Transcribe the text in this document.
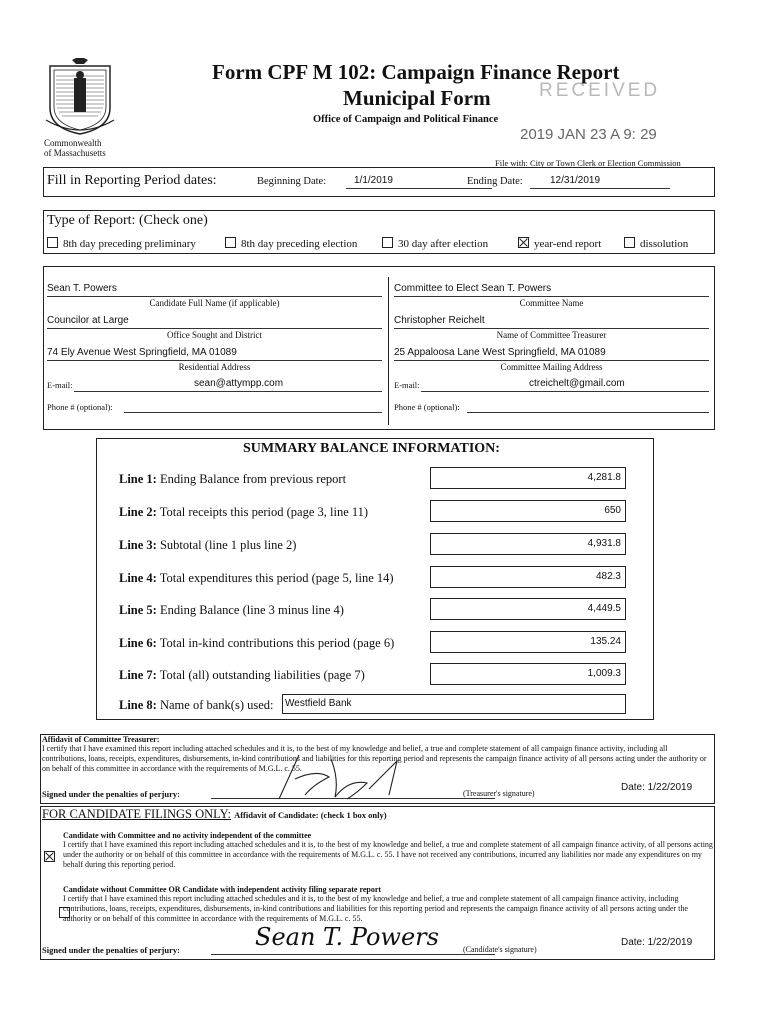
Commonwealth
of Massachusetts
Form CPF M 102: Campaign Finance Report
Municipal Form
Office of Campaign and Political Finance
RECEIVED
2019 JAN 23 A 9: 29
File with: City or Town Clerk or Election Commission
Fill in Reporting Period dates:	Beginning Date:	1/1/2019	Ending Date:	12/31/2019
Type of Report: (Check one)
8th day preceding preliminary	8th day preceding election	30 day after election	year-end report	dissolution
Sean T. Powers
Candidate Full Name (if applicable)
Councilor at Large
Office Sought and District
74 Ely Avenue West Springfield, MA 01089
Residential Address
E-mail:	sean@attympp.com
Phone # (optional):
Committee to Elect Sean T. Powers
Committee Name
Christopher Reichelt
Name of Committee Treasurer
25 Appaloosa Lane West Springfield, MA 01089
Committee Mailing Address
E-mail:	ctreichelt@gmail.com
Phone # (optional):
SUMMARY BALANCE INFORMATION:
Line 1: Ending Balance from previous report	4,281.8
Line 2: Total receipts this period (page 3, line 11)	650
Line 3: Subtotal (line 1 plus line 2)	4,931.8
Line 4: Total expenditures this period (page 5, line 14)	482.3
Line 5: Ending Balance (line 3 minus line 4)	4,449.5
Line 6: Total in-kind contributions this period (page 6)	135.24
Line 7: Total (all) outstanding liabilities (page 7)	1,009.3
Line 8: Name of bank(s) used:	Westfield Bank
Affidavit of Committee Treasurer:
I certify that I have examined this report including attached schedules and it is, to the best of my knowledge and belief, a true and complete statement of all campaign finance activity, including all contributions, loans, receipts, expenditures, disbursements, in-kind contributions and liabilities for this reporting period and represents the campaign finance activity of all persons acting under the authority or on behalf of this committee in accordance with the requirements of M.G.L. c. 55.
Signed under the penalties of perjury:	(Treasurer's signature)
Date: 1/22/2019
FOR CANDIDATE FILINGS ONLY: Affidavit of Candidate: (check 1 box only)

Candidate with Committee and no activity independent of the committee
I certify that I have examined this report including attached schedules and it is, to the best of my knowledge and belief, a true and complete statement of all campaign finance activity, of all persons acting under the authority or on behalf of this committee in accordance with the requirements of M.G.L. c. 55. I have not received any contributions, incurred any liabilities nor made any expenditures on my behalf during this reporting period.
Candidate without Committee OR Candidate with independent activity filing separate report
I certify that I have examined this report including attached schedules and it is, to the best of my knowledge and belief, a true and complete statement of all campaign finance activity, including contributions, loans, receipts, expenditures, disbursements, in-kind contributions and liabilities for this reporting period and represents the campaign finance activity of all persons acting under the authority or on behalf of this committee in accordance with the requirements of M.G.L. c. 55.
Signed under the penalties of perjury:	Sean T. Powers	(Candidate's signature)
Date: 1/22/2019
